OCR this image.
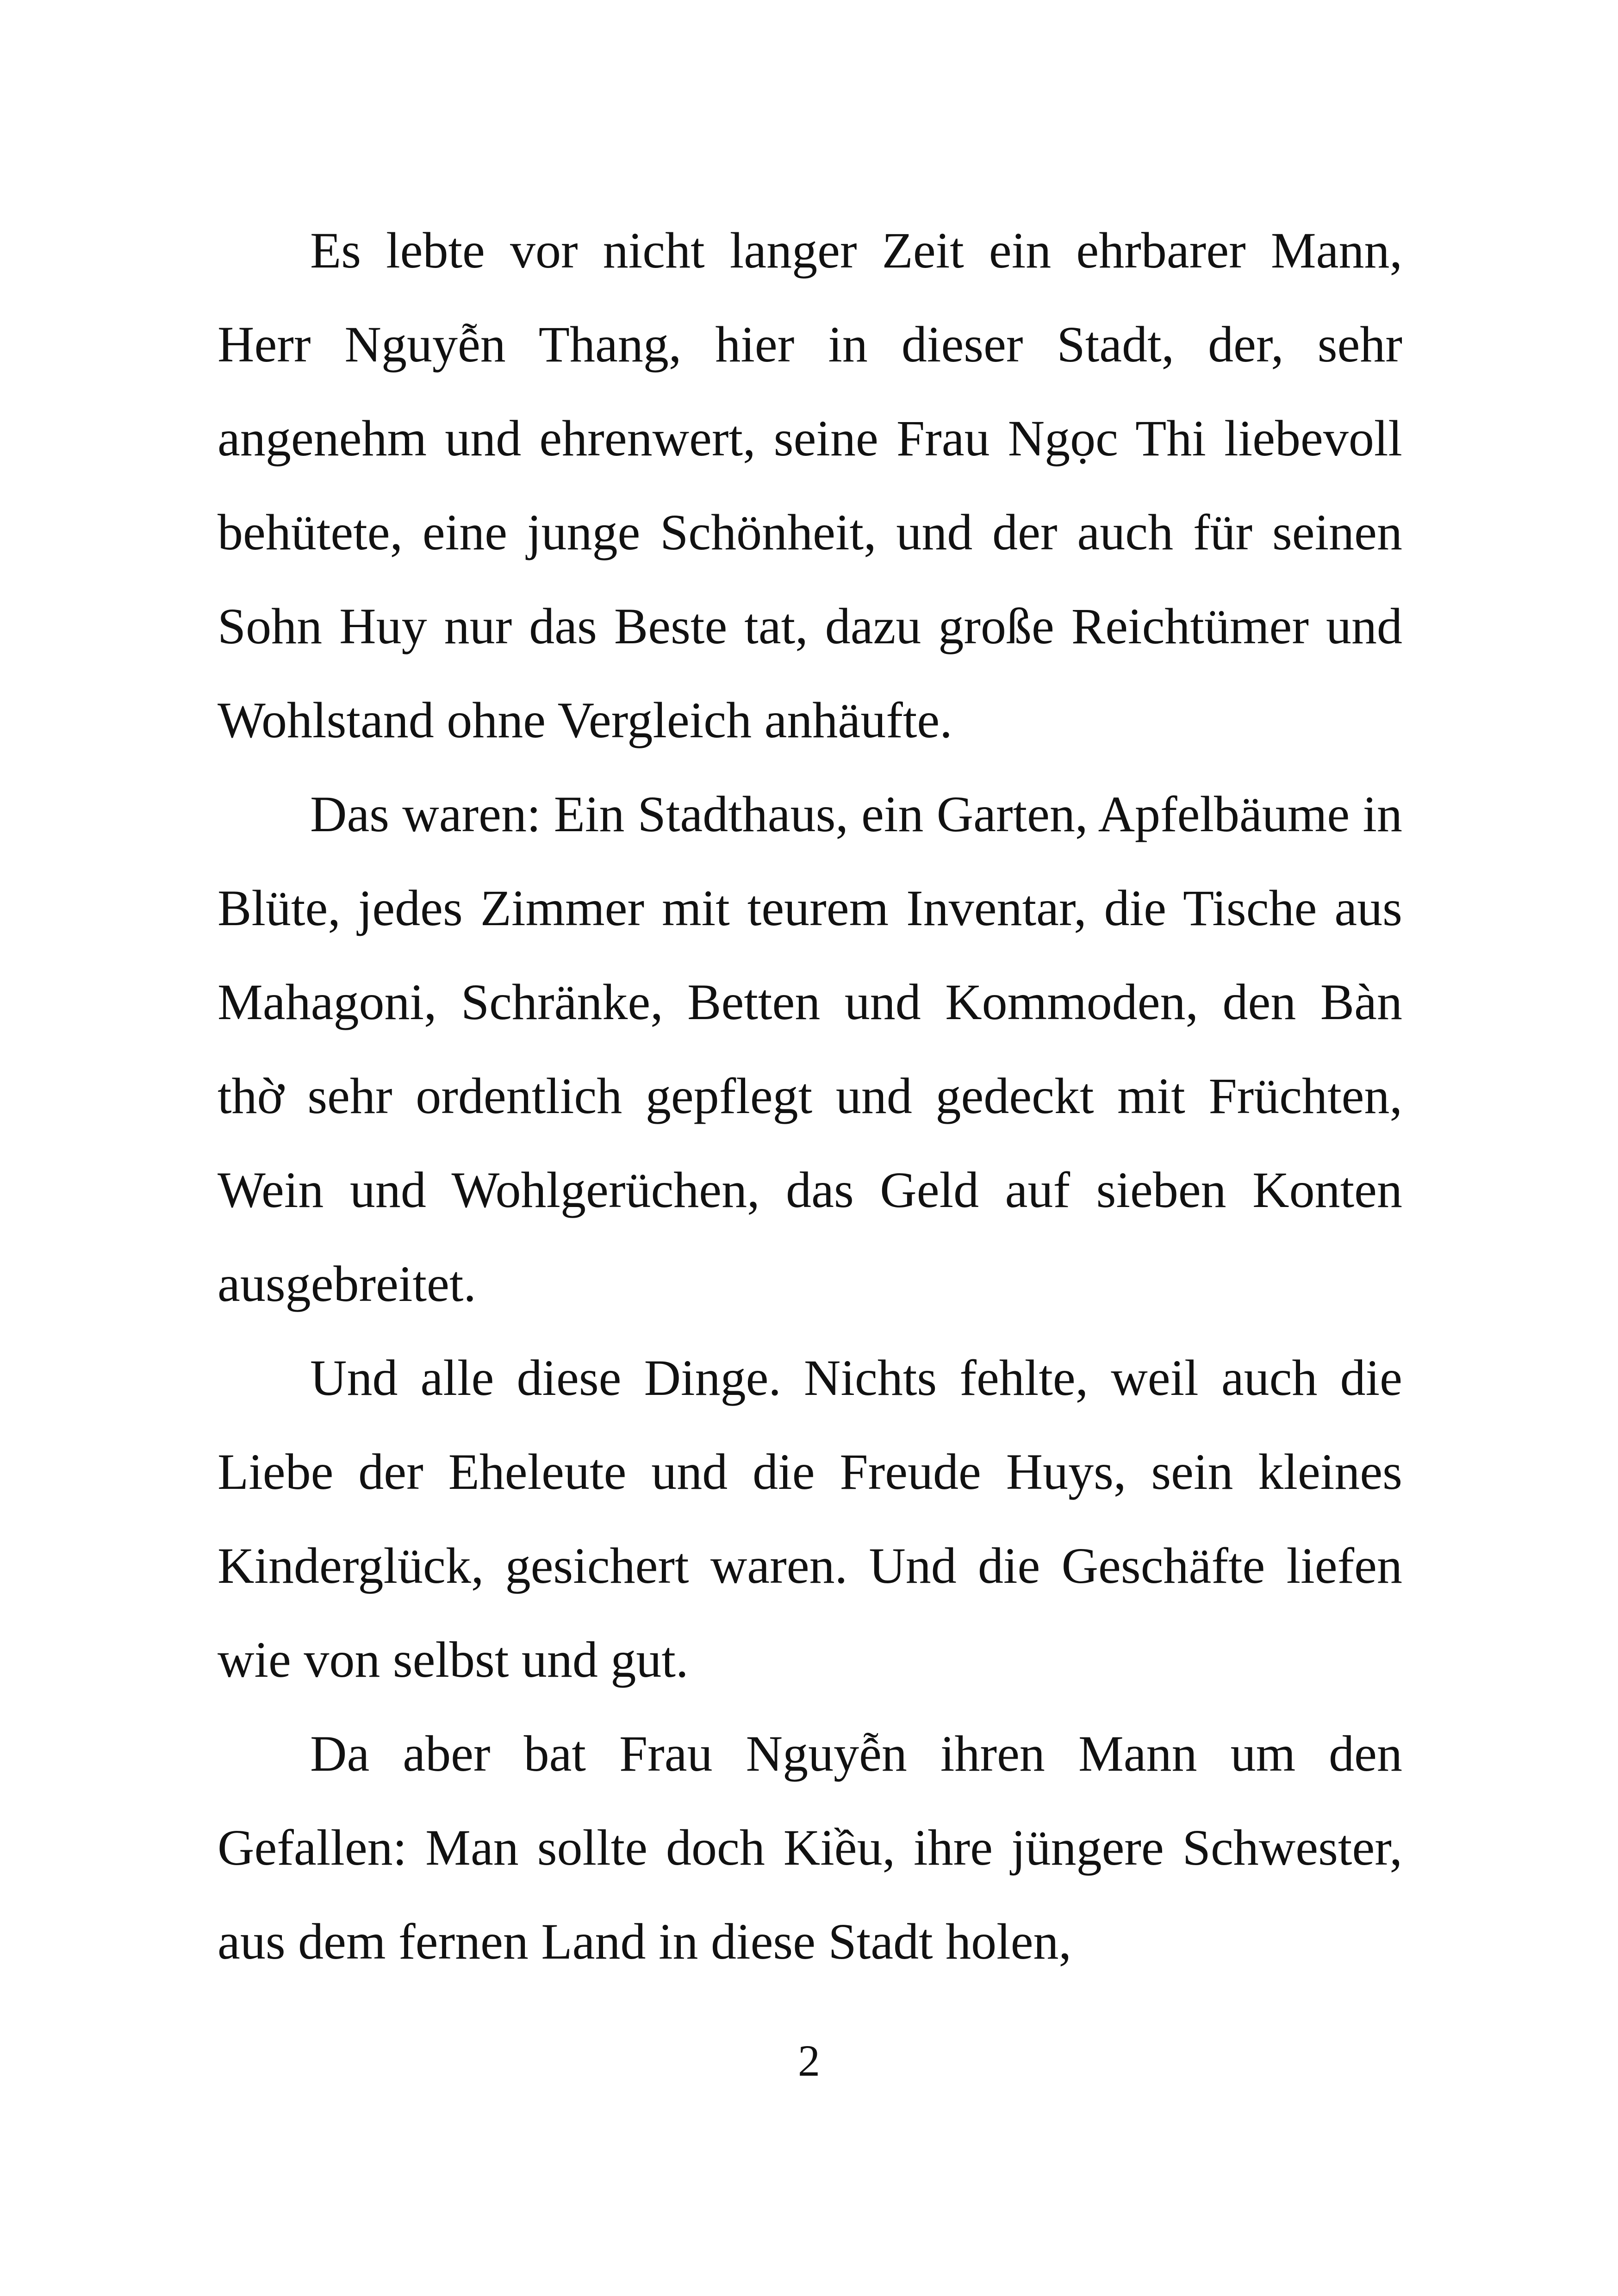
Es lebte vor nicht langer Zeit ein ehrbarer Mann, Herr Nguyễn Thang, hier in dieser Stadt, der, sehr angenehm und ehrenwert, seine Frau Ngọc Thi liebevoll behütete, eine junge Schönheit, und der auch für seinen Sohn Huy nur das Beste tat, dazu große Reichtümer und Wohlstand ohne Vergleich anhäufte.

Das waren: Ein Stadthaus, ein Garten, Apfelbäume in Blüte, jedes Zimmer mit teurem Inventar, die Tische aus Mahagoni, Schränke, Betten und Kommoden, den Bàn thờ sehr ordentlich gepflegt und gedeckt mit Früchten, Wein und Wohlgerüchen, das Geld auf sieben Konten ausgebreitet.

Und alle diese Dinge. Nichts fehlte, weil auch die Liebe der Eheleute und die Freude Huys, sein kleines Kinderglück, gesichert waren. Und die Geschäfte liefen wie von selbst und gut.

Da aber bat Frau Nguyễn ihren Mann um den Gefallen: Man sollte doch Kiều, ihre jüngere Schwester, aus dem fernen Land in diese Stadt holen,

2
